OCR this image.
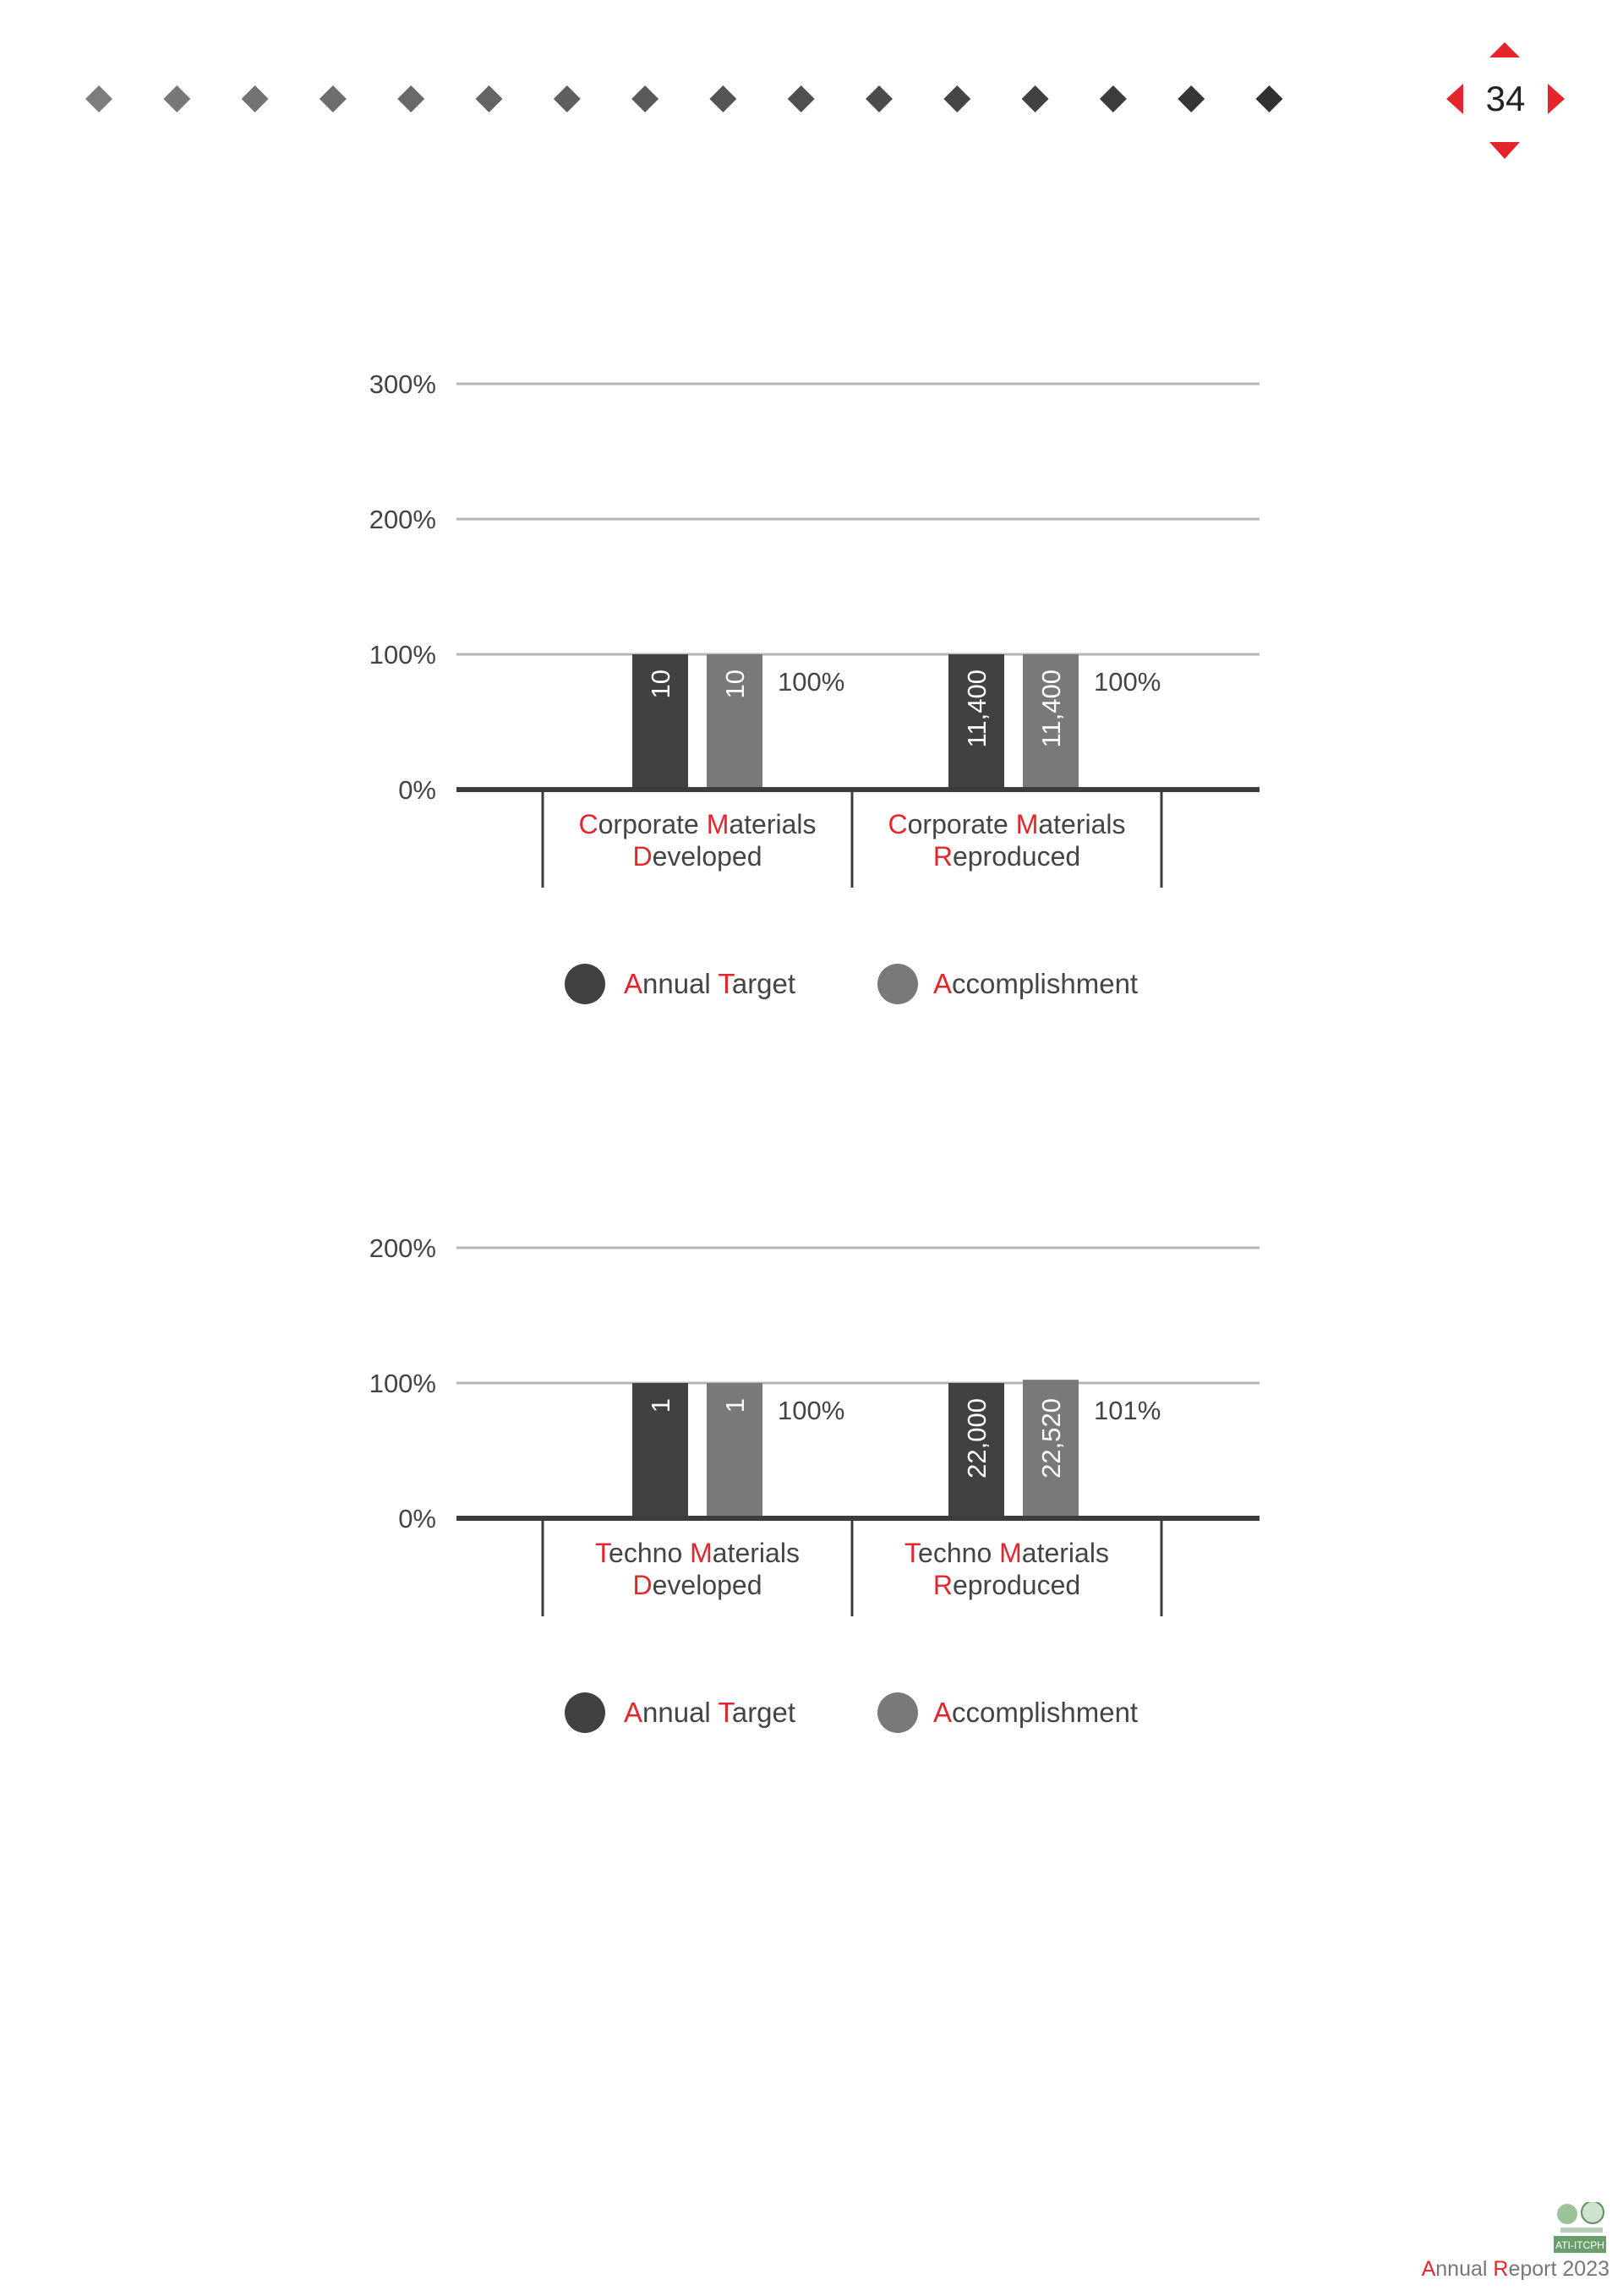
34
0%
100%
200%
300%
10 10 100%	11,400 11,400 100%
Corporate Materials
Developed
Corporate Materials
Reproduced
Annual Target	Accomplishment
0%
100%
200%
1 1 100%	22,000 22,520 101%
Techno Materials
Developed
Techno Materials
Reproduced
Annual Target	Accomplishment
ATI-ITCPH
Annual Report 2023
